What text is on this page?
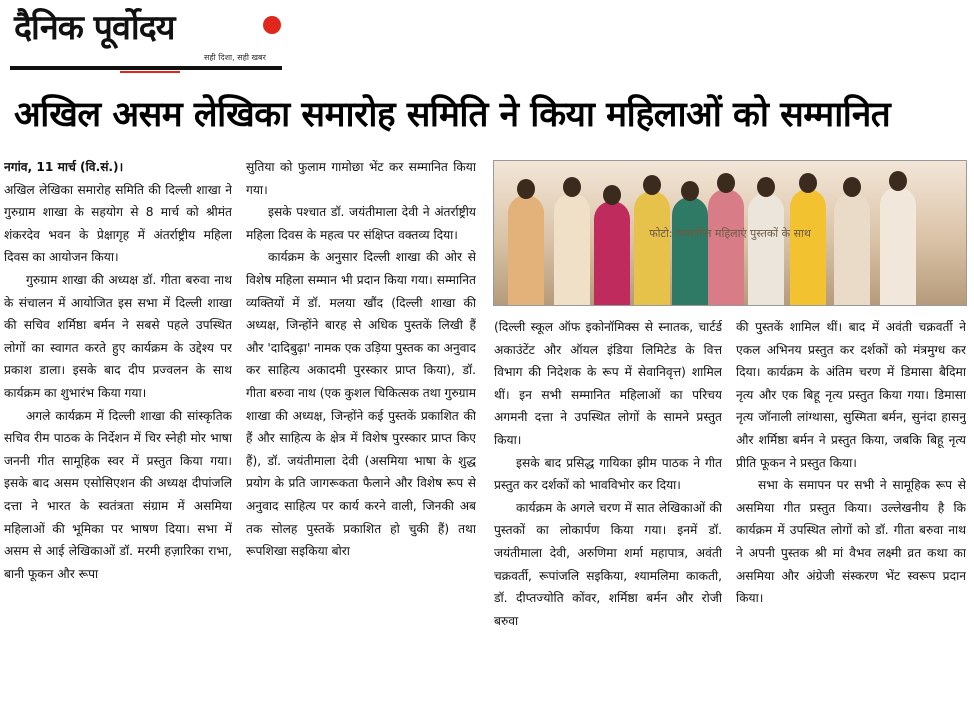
दैनिक पूर्वोदय
सही दिशा, सही खबर
अखिल असम लेखिका समारोह समिति ने किया महिलाओं को सम्मानित

नगांव, 11 मार्च (वि.सं.)।
अखिल लेखिका समारोह समिति की दिल्ली शाखा ने गुरुग्राम शाखा के सहयोग से 8 मार्च को श्रीमंत शंकरदेव भवन के प्रेक्षागृह में अंतर्राष्ट्रीय महिला दिवस का आयोजन किया।

गुरुग्राम शाखा की अध्यक्ष डॉ. गीता बरुवा नाथ के संचालन में आयोजित इस सभा में दिल्ली शाखा की सचिव शर्मिष्ठा बर्मन ने सबसे पहले उपस्थित लोगों का स्वागत करते हुए कार्यक्रम के उद्देश्य पर प्रकाश डाला। इसके बाद दीप प्रज्वलन के साथ कार्यक्रम का शुभारंभ किया गया।

अगले कार्यक्रम में दिल्ली शाखा की सांस्कृतिक सचिव रीम पाठक के निर्देशन में चिर स्नेही मोर भाषा जननी गीत सामूहिक स्वर में प्रस्तुत किया गया। इसके बाद असम एसोसिएशन की अध्यक्ष दीपांजलि दत्ता ने भारत के स्वतंत्रता संग्राम में असमिया महिलाओं की भूमिका पर भाषण दिया। सभा में असम से आई लेखिकाओं डॉ. मरमी हज़ारिका राभा, बानी फूकन और रूपा

सुतिया को फुलाम गामोछा भेंट कर सम्मानित किया गया।

इसके पश्चात डॉ. जयंतीमाला देवी ने अंतर्राष्ट्रीय महिला दिवस के महत्व पर संक्षिप्त वक्तव्य दिया।

कार्यक्रम के अनुसार दिल्ली शाखा की ओर से विशेष महिला सम्मान भी प्रदान किया गया। सम्मानित व्यक्तियों में डॉ. मलया खौंद (दिल्ली शाखा की अध्यक्ष, जिन्होंने बारह से अधिक पुस्तकें लिखी हैं और 'दादिबुढ़ा' नामक एक उड़िया पुस्तक का अनुवाद कर साहित्य अकादमी पुरस्कार प्राप्त किया), डॉ. गीता बरुवा नाथ (एक कुशल चिकित्सक तथा गुरुग्राम शाखा की अध्यक्ष, जिन्होंने कई पुस्तकें प्रकाशित की हैं और साहित्य के क्षेत्र में विशेष पुरस्कार प्राप्त किए हैं), डॉ. जयंतीमाला देवी (असमिया भाषा के शुद्ध प्रयोग के प्रति जागरूकता फैलाने और विशेष रूप से अनुवाद साहित्य पर कार्य करने वाली, जिनकी अब तक सोलह पुस्तकें प्रकाशित हो चुकी हैं) तथा रूपशिखा सइकिया बोरा

फोटो: सम्मानित महिलाएं पुस्तकों के साथ

(दिल्ली स्कूल ऑफ इकोनॉमिक्स से स्नातक, चार्टर्ड अकाउंटेंट और ऑयल इंडिया लिमिटेड के वित्त विभाग की निदेशक के रूप में सेवानिवृत्त) शामिल थीं। इन सभी सम्मानित महिलाओं का परिचय अगमनी दत्ता ने उपस्थित लोगों के सामने प्रस्तुत किया।

इसके बाद प्रसिद्ध गायिका झीम पाठक ने गीत प्रस्तुत कर दर्शकों को भावविभोर कर दिया।

कार्यक्रम के अगले चरण में सात लेखिकाओं की पुस्तकों का लोकार्पण किया गया। इनमें डॉ. जयंतीमाला देवी, अरुणिमा शर्मा महापात्र, अवंती चक्रवर्ती, रूपांजलि सइकिया, श्यामलिमा काकती, डॉ. दीप्तज्योति कोंवर, शर्मिष्ठा बर्मन और रोजी बरुवा

की पुस्तकें शामिल थीं। बाद में अवंती चक्रवर्ती ने एकल अभिनय प्रस्तुत कर दर्शकों को मंत्रमुग्ध कर दिया। कार्यक्रम के अंतिम चरण में डिमासा बैदिमा नृत्य और एक बिहू नृत्य प्रस्तुत किया गया। डिमासा नृत्य जॉनाली लांग्थासा, सुस्मिता बर्मन, सुनंदा हासनु और शर्मिष्ठा बर्मन ने प्रस्तुत किया, जबकि बिहू नृत्य प्रीति फूकन ने प्रस्तुत किया।

सभा के समापन पर सभी ने सामूहिक रूप से असमिया गीत प्रस्तुत किया। उल्लेखनीय है कि कार्यक्रम में उपस्थित लोगों को डॉ. गीता बरुवा नाथ ने अपनी पुस्तक श्री मां वैभव लक्ष्मी व्रत कथा का असमिया और अंग्रेजी संस्करण भेंट स्वरूप प्रदान किया।
